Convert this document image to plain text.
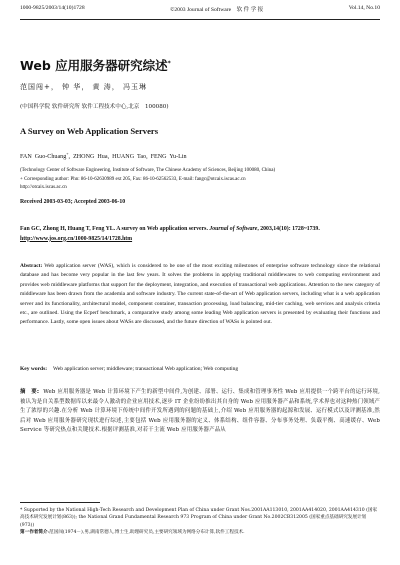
1000-9825/2003/14(10)1728	©2003 Journal of Software　软 件 学 报	Vol.14, No.10
Web 应用服务器研究综述*
范国闯+， 钟 华， 黄 涛， 冯玉琳
(中国科学院 软件研究所 软件工程技术中心,北京　100080)
A Survey on Web Application Servers
FAN Guo-Chuang+, ZHONG Hua, HUANG Tao, FENG Yu-Lin
(Technology Center of Software Engineering, Institute of Software, The Chinese Academy of Sciences, Beijing 100080, China)
+ Corresponding author: Phn: 86-10-62630989 ext 205, Fax: 86-10-62562533, E-mail: fangc@otcaix.iscas.ac.cn
http://otcaix.iscas.ac.cn
Received 2003-03-03; Accepted 2003-06-10
Fan GC, Zhong H, Huang T, Feng YL. A survey on Web application servers. Journal of Software, 2003,14(10): 1728~1739.
http://www.jos.org.cn/1000-9825/14/1728.htm
Abstract: Web application server (WAS), which is considered to be one of the most exciting milestones of enterprise software technology since the relational database and has become very popular in the last few years. It solves the problems in applying traditional middlewares to web computing environment and provides web middleware platforms that support for the deployment, integration, and execution of transactional web applications. Attention to the new category of middleware has been drawn from the academia and software industry. The current state-of-the-art of Web application servers, including what is a web application server and its functionality, architectural model, component container, transaction processing, load balancing, mid-tier caching, web services and analysis criteria etc., are outlined. Using the Ecperf benchmark, a comparative study among some leading Web application servers is presented by evaluating their functions and performance. Lastly, some open issues about WASs are discussed, and the future direction of WASs is pointed out.
Key words: Web application server; middleware; transactional Web application; Web computing
摘　要: Web 应用服务器是 Web 计算环境下产生的新型中间件,为创建、部署、运行、集成和管理事务性 Web 应用提供一个跨平台的运行环境,被认为是自关系型数据库以来最令人激动的企业应用技术,逐步 IT 企业纷纷推出其自身的 Web 应用服务器产品和系统,学术界也对这种热门领域产生了浓厚的兴趣.在分析 Web 计算环境下传统中间件开发所遇到的问题的基础上,介绍 Web 应用服务器的起源和发展、运行模式以及评测基准,然后对 Web 应用服务器研究现状进行综述,主要包括 Web 应用服务器的定义、体系结构、组件容器、分布事务处理、负载平衡、高速缓存、Web Service 等研究热点和关键技术.根据评测基准,对若干主流 Web 应用服务器产品从
* Supported by the National High-Tech Research and Development Plan of China under Grant Nos.2001AA113010, 2001AA414020, 2001AA414310 (国家高技术研究发展计划(863)); the National Grand Fundamental Research 973 Program of China under Grant No.2002CB312005 (国家重点基础研究发展计划(973))
第一作者简介:范国闯(1974－),男,湖南常德人,博士生,助理研究员,主要研究领域为网络分布计算,软件工程技术.
